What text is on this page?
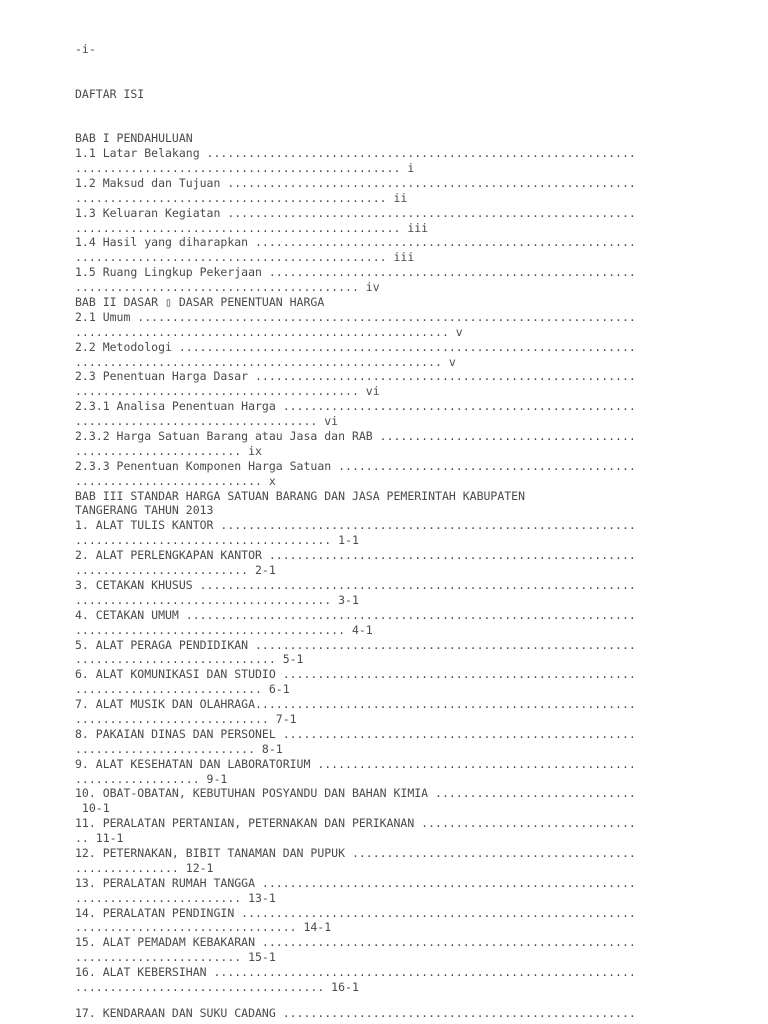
-i-

DAFTAR ISI

BAB I PENDAHULUAN
1.1 Latar Belakang ..............................................................
............................................... i
1.2 Maksud dan Tujuan ...........................................................
............................................. ii
1.3 Keluaran Kegiatan ...........................................................
............................................... iii
1.4 Hasil yang diharapkan .......................................................
............................................. iii
1.5 Ruang Lingkup Pekerjaan .....................................................
......................................... iv
BAB II DASAR ▯ DASAR PENENTUAN HARGA
2.1 Umum ........................................................................
...................................................... v
2.2 Metodologi ..................................................................
..................................................... v
2.3 Penentuan Harga Dasar .......................................................
......................................... vi
2.3.1 Analisa Penentuan Harga ...................................................
................................... vi
2.3.2 Harga Satuan Barang atau Jasa dan RAB .....................................
........................ ix
2.3.3 Penentuan Komponen Harga Satuan ...........................................
........................... x
BAB III STANDAR HARGA SATUAN BARANG DAN JASA PEMERINTAH KABUPATEN
TANGERANG TAHUN 2013
1. ALAT TULIS KANTOR ............................................................
..................................... 1-1
2. ALAT PERLENGKAPAN KANTOR .....................................................
......................... 2-1
3. CETAKAN KHUSUS ...............................................................
..................................... 3-1
4. CETAKAN UMUM .................................................................
....................................... 4-1
5. ALAT PERAGA PENDIDIKAN .......................................................
............................. 5-1
6. ALAT KOMUNIKASI DAN STUDIO ...................................................
........................... 6-1
7. ALAT MUSIK DAN OLAHRAGA.......................................................
............................ 7-1
8. PAKAIAN DINAS DAN PERSONEL ...................................................
.......................... 8-1
9. ALAT KESEHATAN DAN LABORATORIUM ..............................................
.................. 9-1
10. OBAT-OBATAN, KEBUTUHAN POSYANDU DAN BAHAN KIMIA .............................
10-1
11. PERALATAN PERTANIAN, PETERNAKAN DAN PERIKANAN ...............................
.. 11-1
12. PETERNAKAN, BIBIT TANAMAN DAN PUPUK .........................................
............... 12-1
13. PERALATAN RUMAH TANGGA ......................................................
........................ 13-1
14. PERALATAN PENDINGIN .........................................................
................................ 14-1
15. ALAT PEMADAM KEBAKARAN ......................................................
........................ 15-1
16. ALAT KEBERSIHAN .............................................................
.................................... 16-1

17. KENDARAAN DAN SUKU CADANG ...................................................
